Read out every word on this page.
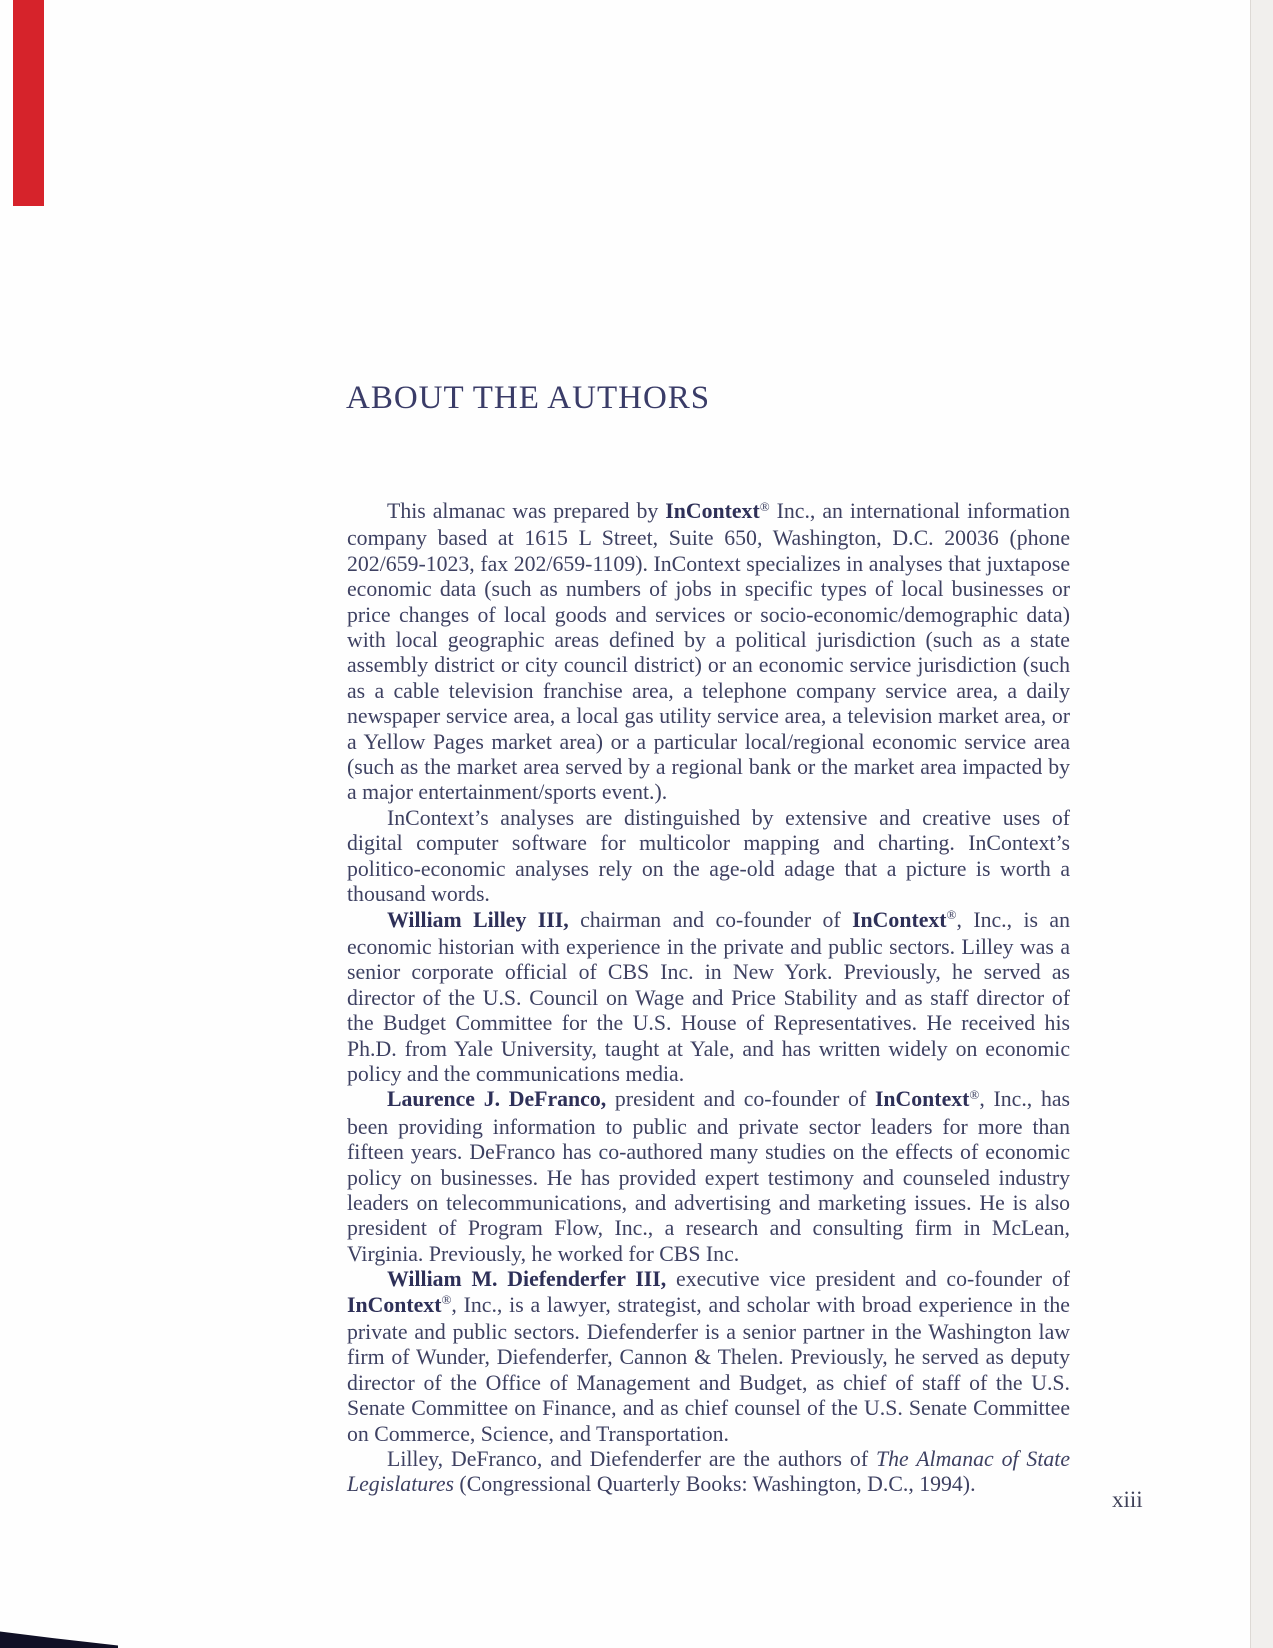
ABOUT THE AUTHORS

This almanac was prepared by InContext® Inc., an international information company based at 1615 L Street, Suite 650, Washington, D.C. 20036 (phone 202/659-1023, fax 202/659-1109). InContext specializes in analyses that juxtapose economic data (such as numbers of jobs in specific types of local businesses or price changes of local goods and services or socio-economic/demographic data) with local geographic areas defined by a political jurisdiction (such as a state assembly district or city council district) or an economic service jurisdiction (such as a cable television franchise area, a telephone company service area, a daily newspaper service area, a local gas utility service area, a television market area, or a Yellow Pages market area) or a particular local/regional economic service area (such as the market area served by a regional bank or the market area impacted by a major entertainment/sports event.).

InContext’s analyses are distinguished by extensive and creative uses of digital computer software for multicolor mapping and charting. InContext’s politico-economic analyses rely on the age-old adage that a picture is worth a thousand words.

William Lilley III, chairman and co-founder of InContext®, Inc., is an economic historian with experience in the private and public sectors. Lilley was a senior corporate official of CBS Inc. in New York. Previously, he served as director of the U.S. Council on Wage and Price Stability and as staff director of the Budget Committee for the U.S. House of Representatives. He received his Ph.D. from Yale University, taught at Yale, and has written widely on economic policy and the communications media.

Laurence J. DeFranco, president and co-founder of InContext®, Inc., has been providing information to public and private sector leaders for more than fifteen years. DeFranco has co-authored many studies on the effects of economic policy on businesses. He has provided expert testimony and counseled industry leaders on telecommunications, and advertising and marketing issues. He is also president of Program Flow, Inc., a research and consulting firm in McLean, Virginia. Previously, he worked for CBS Inc.

William M. Diefenderfer III, executive vice president and co-founder of InContext®, Inc., is a lawyer, strategist, and scholar with broad experience in the private and public sectors. Diefenderfer is a senior partner in the Washington law firm of Wunder, Diefenderfer, Cannon & Thelen. Previously, he served as deputy director of the Office of Management and Budget, as chief of staff of the U.S. Senate Committee on Finance, and as chief counsel of the U.S. Senate Committee on Commerce, Science, and Transportation.

Lilley, DeFranco, and Diefenderfer are the authors of The Almanac of State Legislatures (Congressional Quarterly Books: Washington, D.C., 1994).

xiii
